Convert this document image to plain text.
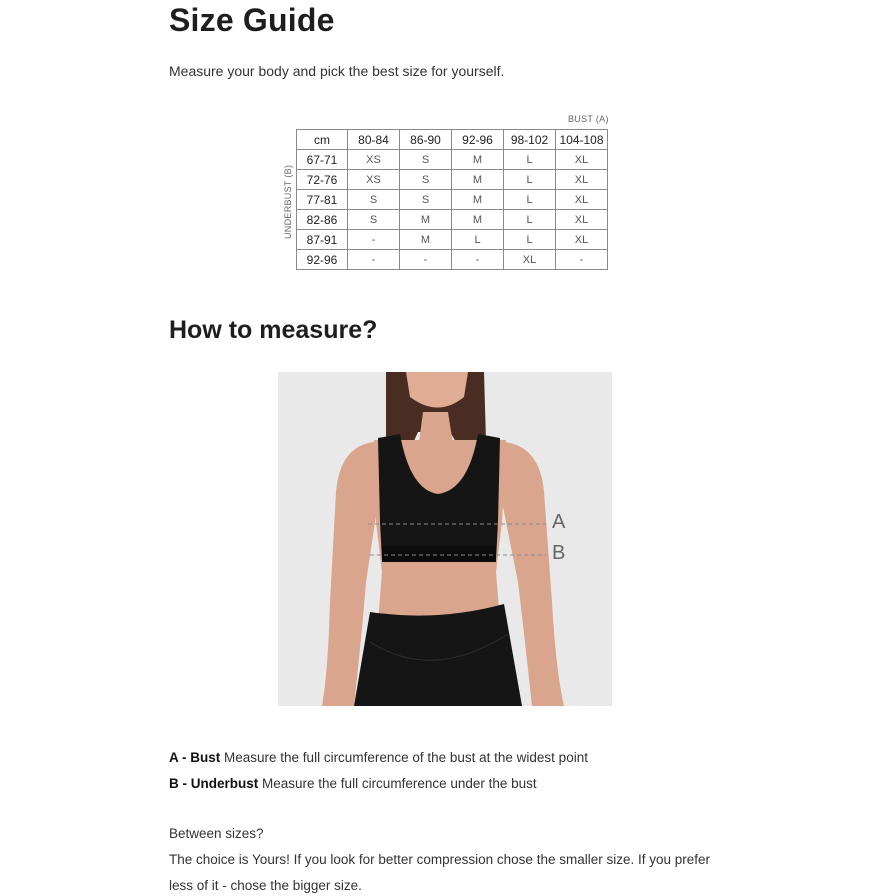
Size Guide

Measure your body and pick the best size for yourself.

BUST (A)
UNDERBUST (B)
cm	80-84	86-90	92-96	98-102	104-108
67-71	XS	S	M	L	XL
72-76	XS	S	M	L	XL
77-81	S	S	M	L	XL
82-86	S	M	M	L	XL
87-91	-	M	L	L	XL
92-96	-	-	-	XL	-
How to measure?
A
B

A - Bust Measure the full circumference of the bust at the widest point

B - Underbust Measure the full circumference under the bust

Between sizes?

The choice is Yours! If you look for better compression chose the smaller size. If you prefer

less of it - chose the bigger size.
